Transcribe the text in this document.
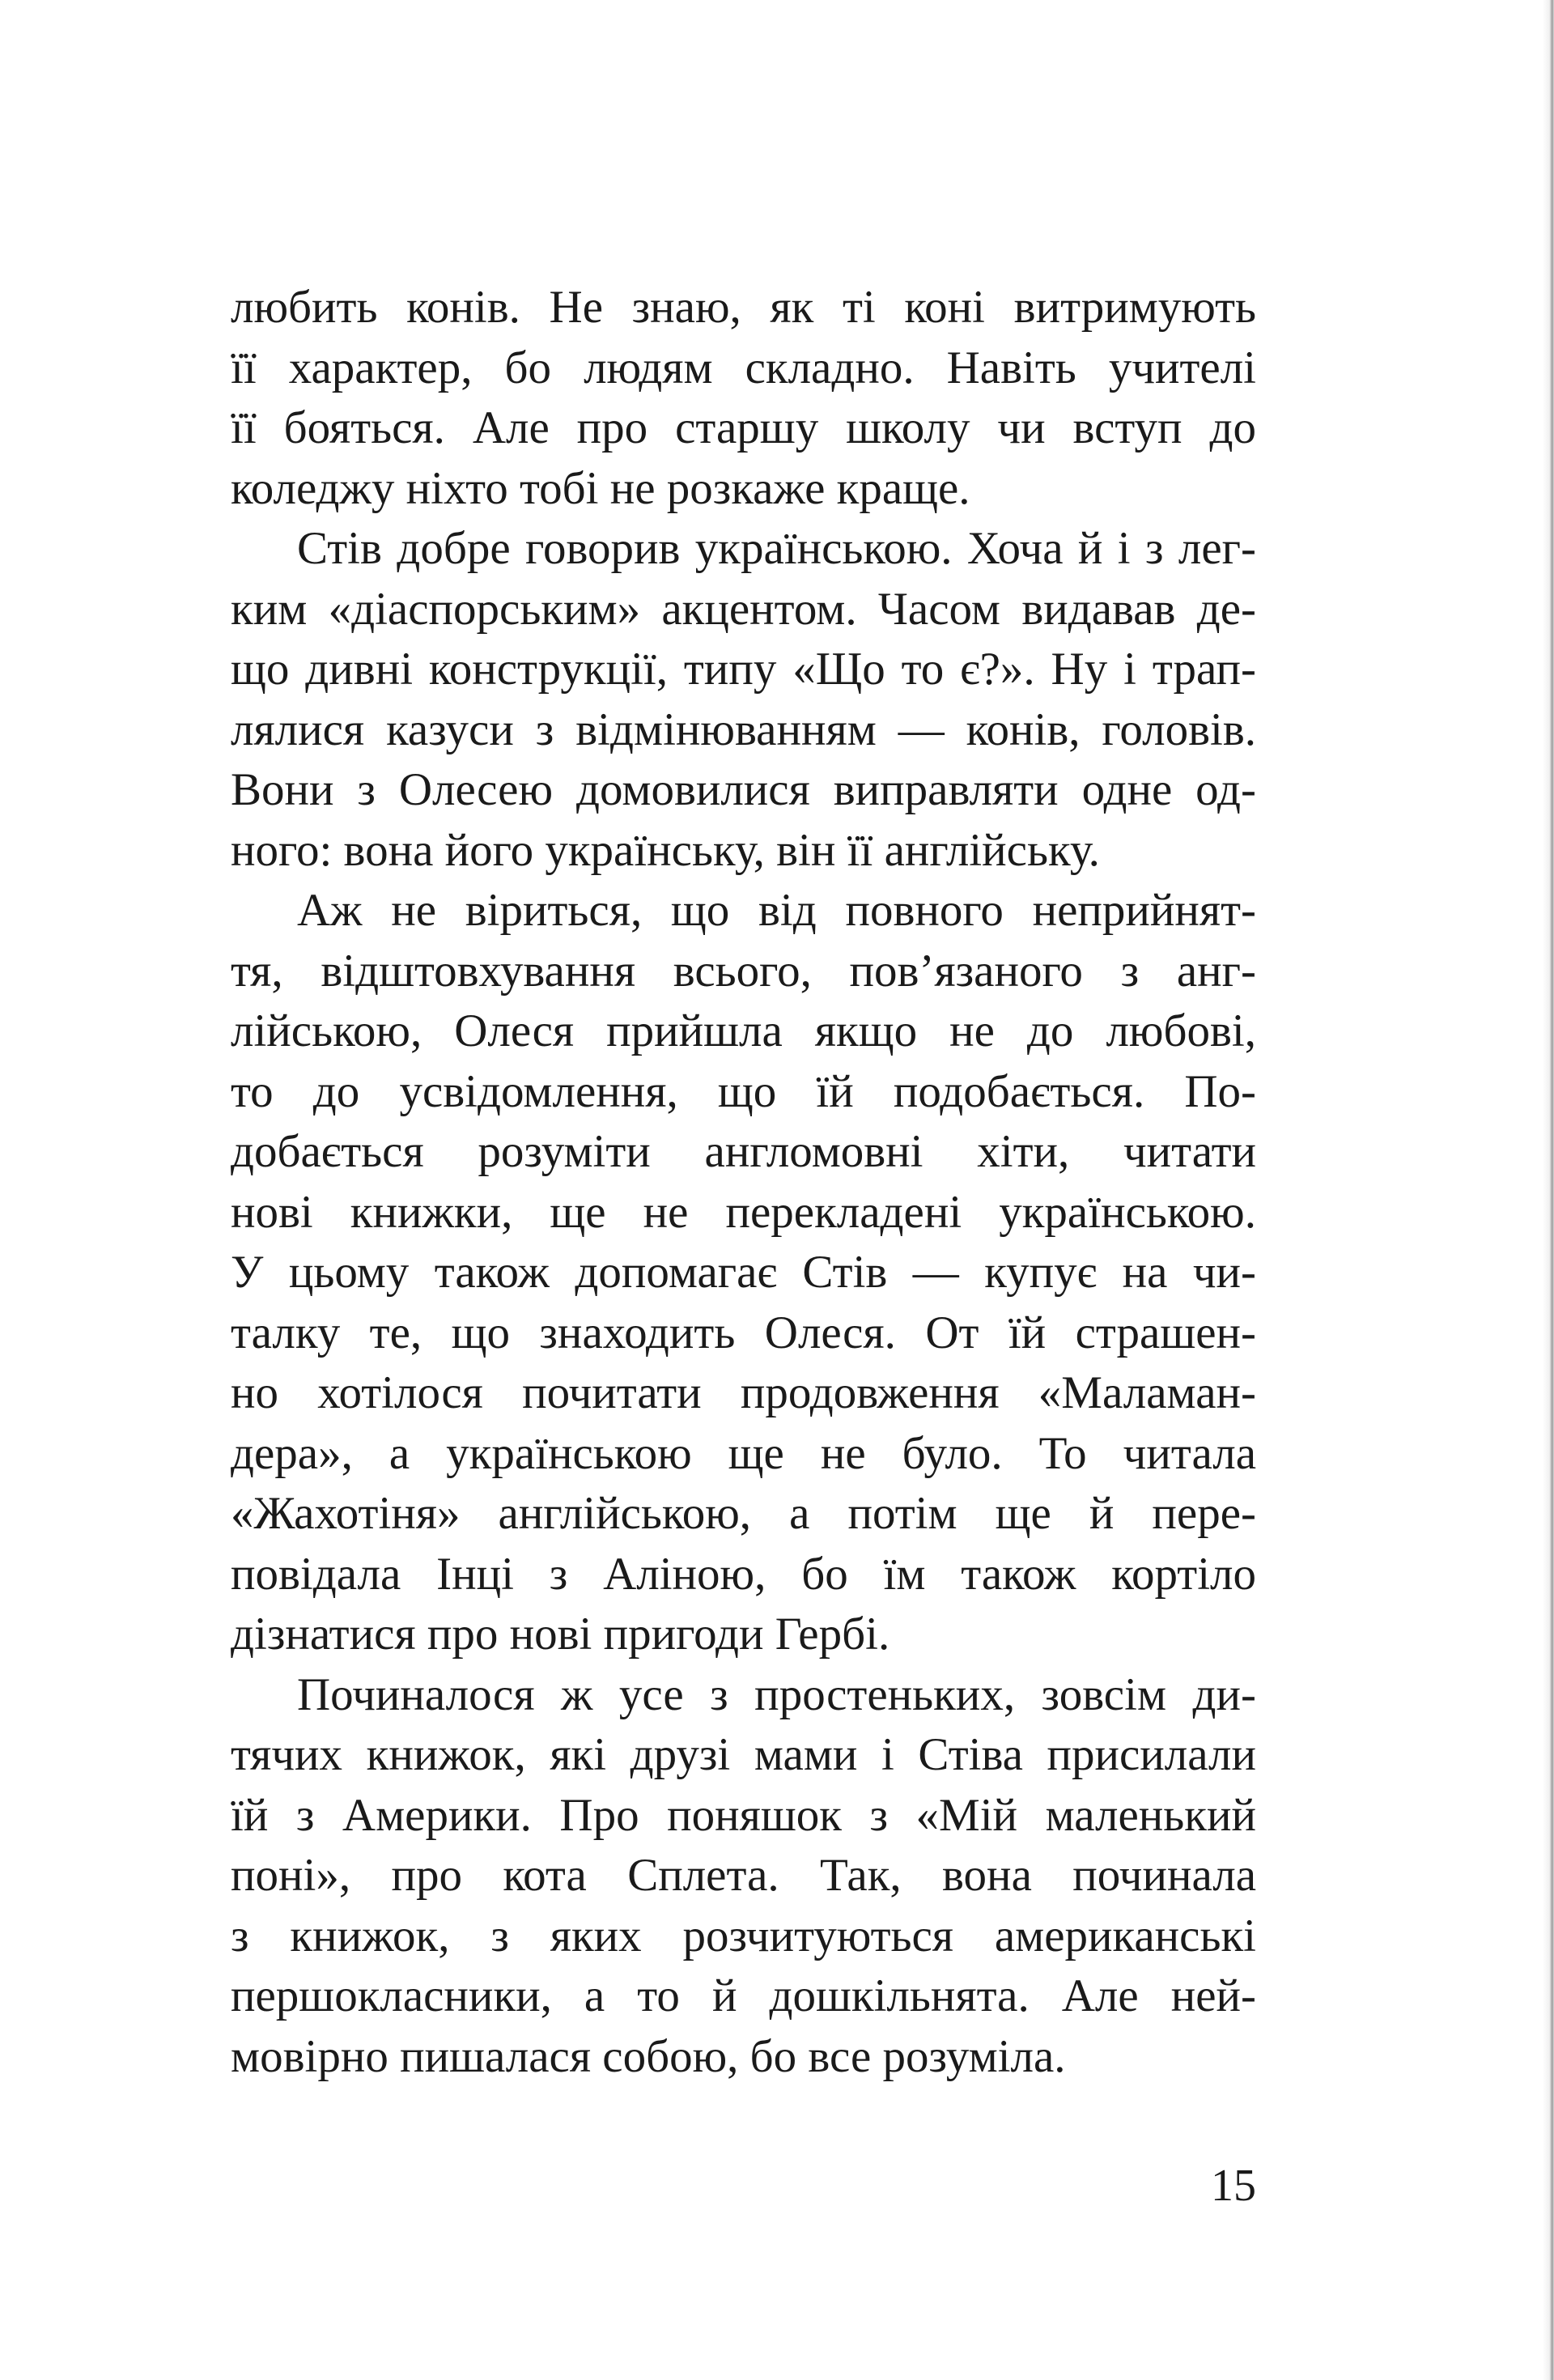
любить конів. Не знаю, як ті коні витримують
її характер, бо людям складно. Навіть учителі
її бояться. Але про старшу школу чи вступ до
коледжу ніхто тобі не розкаже краще.
Стів добре говорив українською. Хоча й і з лег-
ким «діаспорським» акцентом. Часом видавав де-
що дивні конструкції, типу «Що то є?». Ну і трап-
лялися казуси з відмінюванням — конів, головів.
Вони з Олесею домовилися виправляти одне од-
ного: вона його українську, він її англійську.
Аж не віриться, що від повного неприйнят-
тя, відштовхування всього, пов’язаного з анг-
лійською, Олеся прийшла якщо не до любові,
то до усвідомлення, що їй подобається. По-
добається розуміти англомовні хіти, читати
нові книжки, ще не перекладені українською.
У цьому також допомагає Стів — купує на чи-
талку те, що знаходить Олеся. От їй страшен-
но хотілося почитати продовження «Маламан-
дера», а українською ще не було. То читала
«Жахотіня» англійською, а потім ще й пере-
повідала Інці з Аліною, бо їм також кортіло
дізнатися про нові пригоди Гербі.
Починалося ж усе з простеньких, зовсім ди-
тячих книжок, які друзі мами і Стіва присилали
їй з Америки. Про поняшок з «Мій маленький
поні», про кота Сплета. Так, вона починала
з книжок, з яких розчитуються американські
першокласники, а то й дошкільнята. Але ней-
мовірно пишалася собою, бо все розуміла.
15
